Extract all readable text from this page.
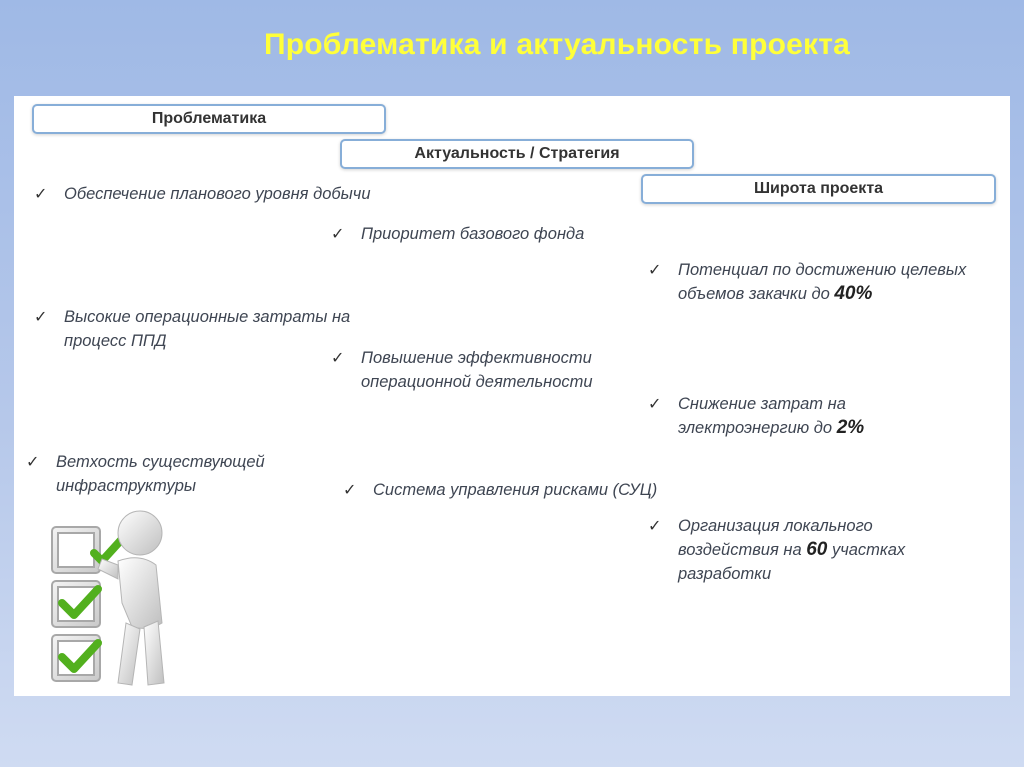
Проблематика и актуальность проекта
Проблематика
Актуальность / Стратегия
Широта проекта
✓ Обеспечение планового уровня добычи
✓ Высокие операционные затраты на процесс ППД
✓ Ветхость существующей инфраструктуры
✓ Приоритет базового фонда
✓ Повышение эффективности операционной деятельности
✓ Система управления рисками (СУЦ)
✓ Потенциал по достижению целевых объемов закачки до 40%
✓ Снижение затрат на электроэнергию до 2%
✓ Организация локального воздействия на 60 участках разработки
